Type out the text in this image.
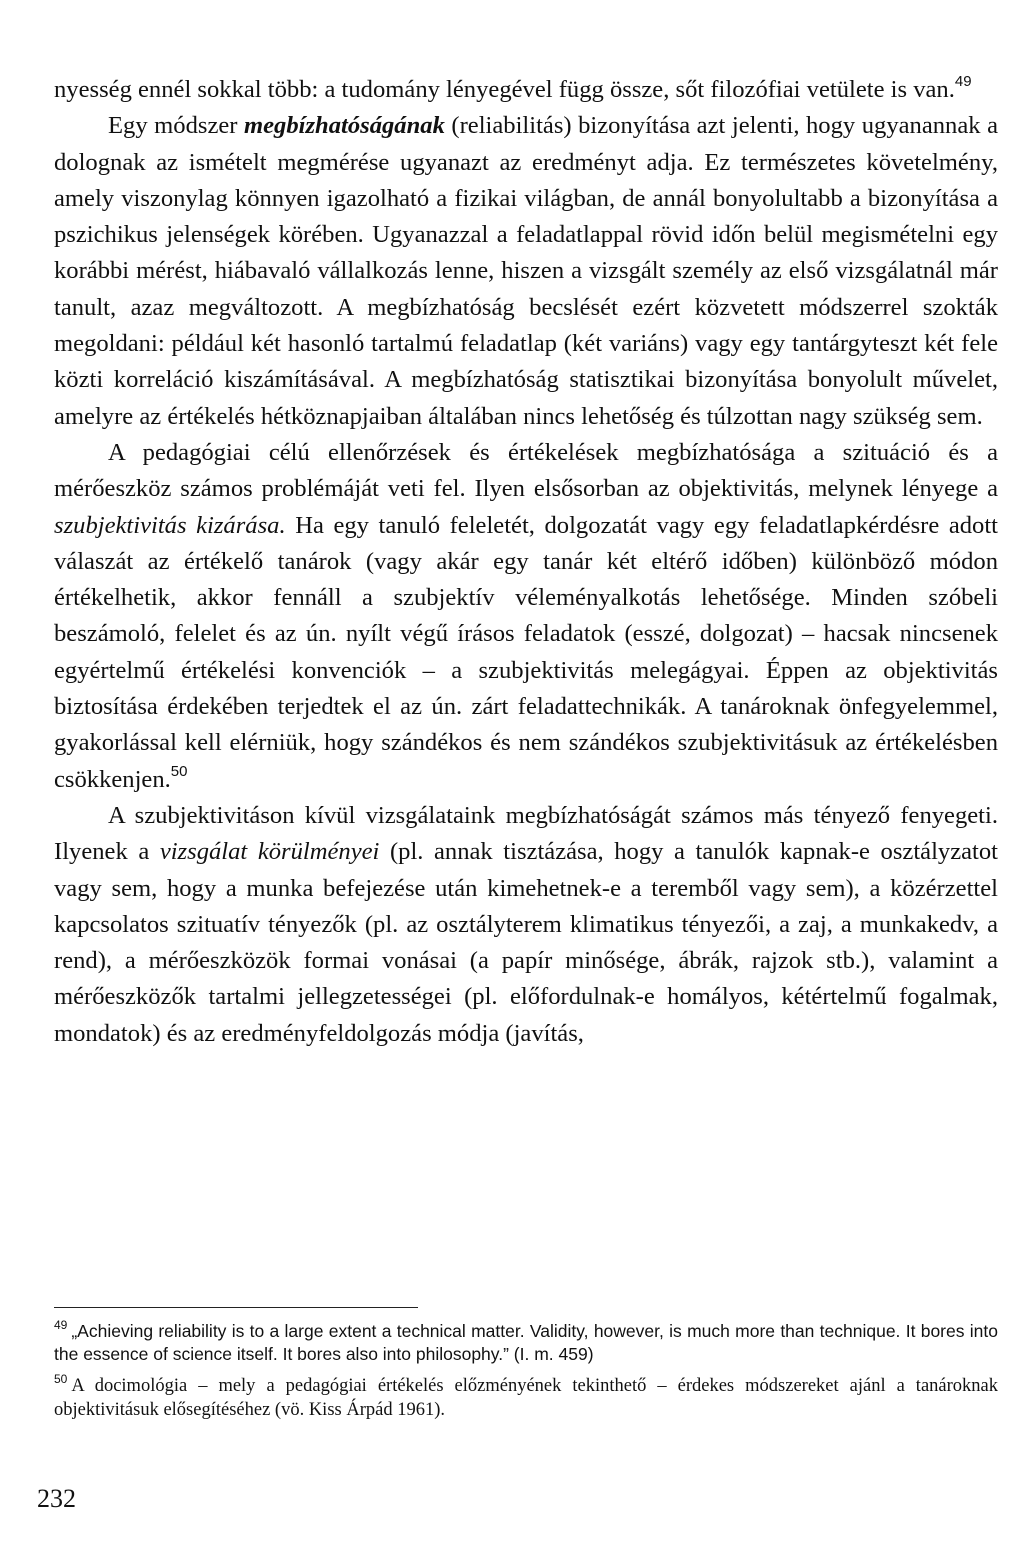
nyesség ennél sokkal több: a tudomány lényegével függ össze, sőt filozófiai vetülete is van.$^{49}$

Egy módszer megbízhatóságának (reliabilitás) bizonyítása azt jelenti, hogy ugyanannak a dolognak az ismételt megmérése ugyanazt az eredményt adja. Ez természetes követelmény, amely viszonylag könnyen igazolható a fizikai világban, de annál bonyolultabb a bizonyítása a pszichikus jelenségek körében. Ugyanazzal a feladatlappal rövid időn belül megismételni egy korábbi mérést, hiábavaló vállalkozás lenne, hiszen a vizsgált személy az első vizsgálatnál már tanult, azaz megváltozott. A megbízhatóság becslését ezért közvetett módszerrel szokták megoldani: például két hasonló tartalmú feladatlap (két variáns) vagy egy tantárgyteszt két fele közti korreláció kiszámításával. A megbízhatóság statisztikai bizonyítása bonyolult művelet, amelyre az értékelés hétköznapjaiban általában nincs lehetőség és túlzottan nagy szükség sem.

A pedagógiai célú ellenőrzések és értékelések megbízhatósága a szituáció és a mérőeszköz számos problémáját veti fel. Ilyen elsősorban az objektivitás, melynek lényege a szubjektivitás kizárása. Ha egy tanuló feleletét, dolgozatát vagy egy feladatlapkérdésre adott válaszát az értékelő tanárok (vagy akár egy tanár két eltérő időben) különböző módon értékelhetik, akkor fennáll a szubjektív véleményalkotás lehetősége. Minden szóbeli beszámoló, felelet és az ún. nyílt végű írásos feladatok (esszé, dolgozat) – hacsak nincsenek egyértelmű értékelési konvenciók – a szubjektivitás melegágyai. Éppen az objektivitás biztosítása érdekében terjedtek el az ún. zárt feladattechnikák. A tanároknak önfegyelemmel, gyakorlással kell elérniük, hogy szándékos és nem szándékos szubjektivitásuk az értékelésben csökkenjen.$^{50}$

A szubjektivitáson kívül vizsgálataink megbízhatóságát számos más tényező fenyegeti. Ilyenek a vizsgálat körülményei (pl. annak tisztázása, hogy a tanulók kapnak-e osztályzatot vagy sem, hogy a munka befejezése után kimehetnek-e a teremből vagy sem), a közérzettel kapcsolatos szituatív tényezők (pl. az osztályterem klimatikus tényezői, a zaj, a munkakedv, a rend), a mérőeszközök formai vonásai (a papír minősége, ábrák, rajzok stb.), valamint a mérőeszközők tartalmi jellegzetességei (pl. előfordulnak-e homályos, kétértelmű fogalmak, mondatok) és az eredményfeldolgozás módja (javítás,

$^{49}$ „Achieving reliability is to a large extent a technical matter. Validity, however, is much more than technique. It bores into the essence of science itself. It bores also into philosophy.” (I. m. 459)

$^{50}$ A docimológia – mely a pedagógiai értékelés előzményének tekinthető – érdekes módszereket ajánl a tanároknak objektivitásuk elősegítéséhez (vö. Kiss Árpád 1961).

232
